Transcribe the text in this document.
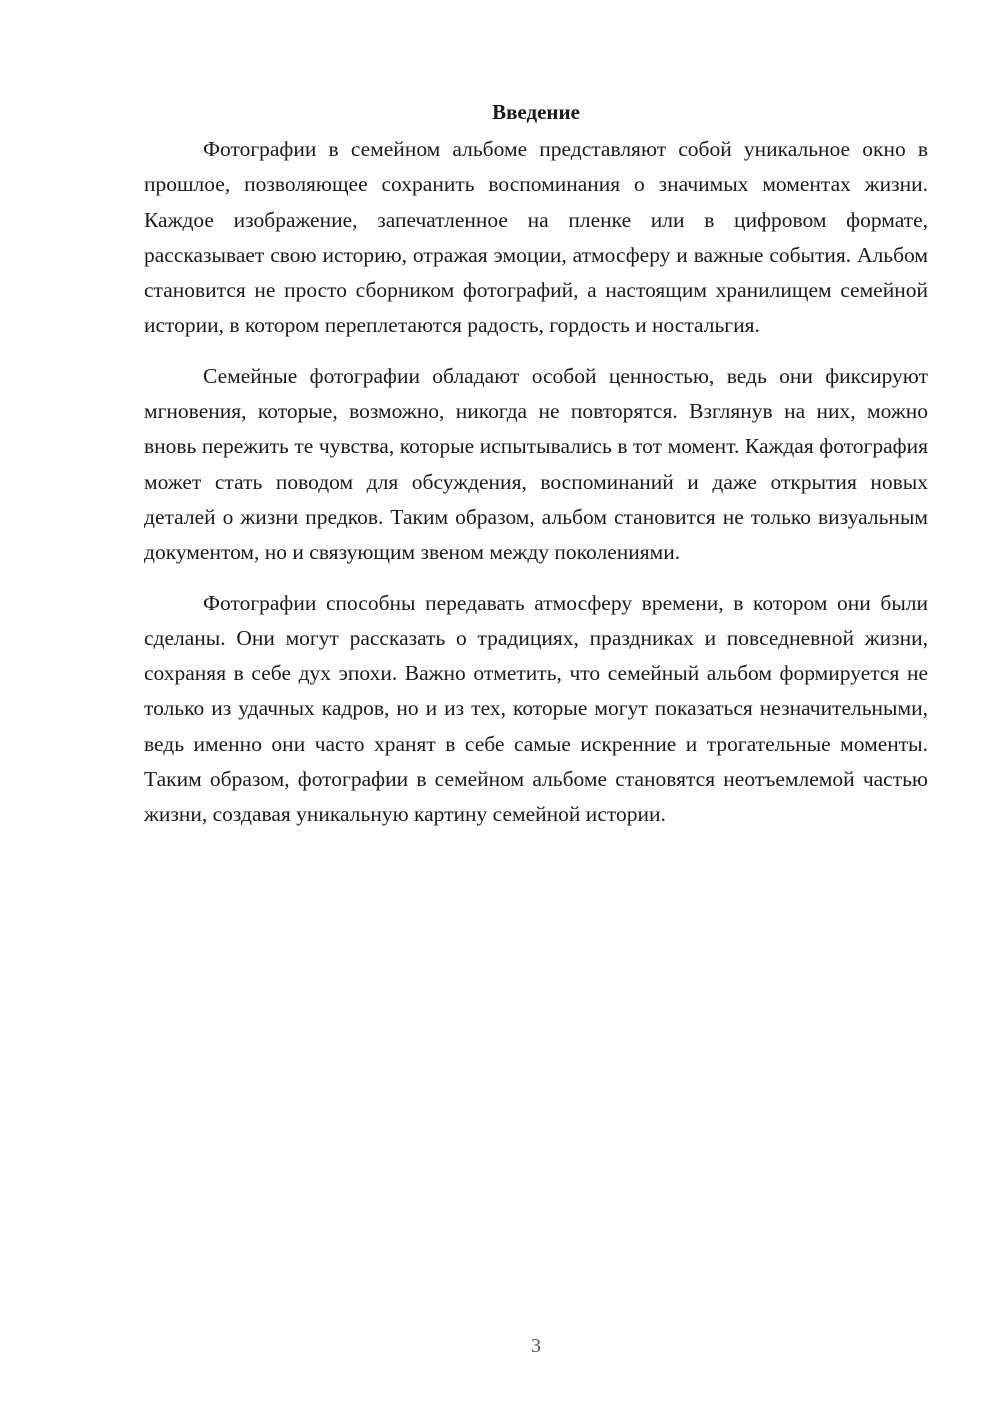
Введение

Фотографии в семейном альбоме представляют собой уникальное окно в прошлое, позволяющее сохранить воспоминания о значимых моментах жизни. Каждое изображение, запечатленное на пленке или в цифровом формате, рассказывает свою историю, отражая эмоции, атмосферу и важные события. Альбом становится не просто сборником фотографий, а настоящим хранилищем семейной истории, в котором переплетаются радость, гордость и ностальгия.

Семейные фотографии обладают особой ценностью, ведь они фиксируют мгновения, которые, возможно, никогда не повторятся. Взглянув на них, можно вновь пережить те чувства, которые испытывались в тот момент. Каждая фотография может стать поводом для обсуждения, воспоминаний и даже открытия новых деталей о жизни предков. Таким образом, альбом становится не только визуальным документом, но и связующим звеном между поколениями.

Фотографии способны передавать атмосферу времени, в котором они были сделаны. Они могут рассказать о традициях, праздниках и повседневной жизни, сохраняя в себе дух эпохи. Важно отметить, что семейный альбом формируется не только из удачных кадров, но и из тех, которые могут показаться незначительными, ведь именно они часто хранят в себе самые искренние и трогательные моменты. Таким образом, фотографии в семейном альбоме становятся неотъемлемой частью жизни, создавая уникальную картину семейной истории.

3
